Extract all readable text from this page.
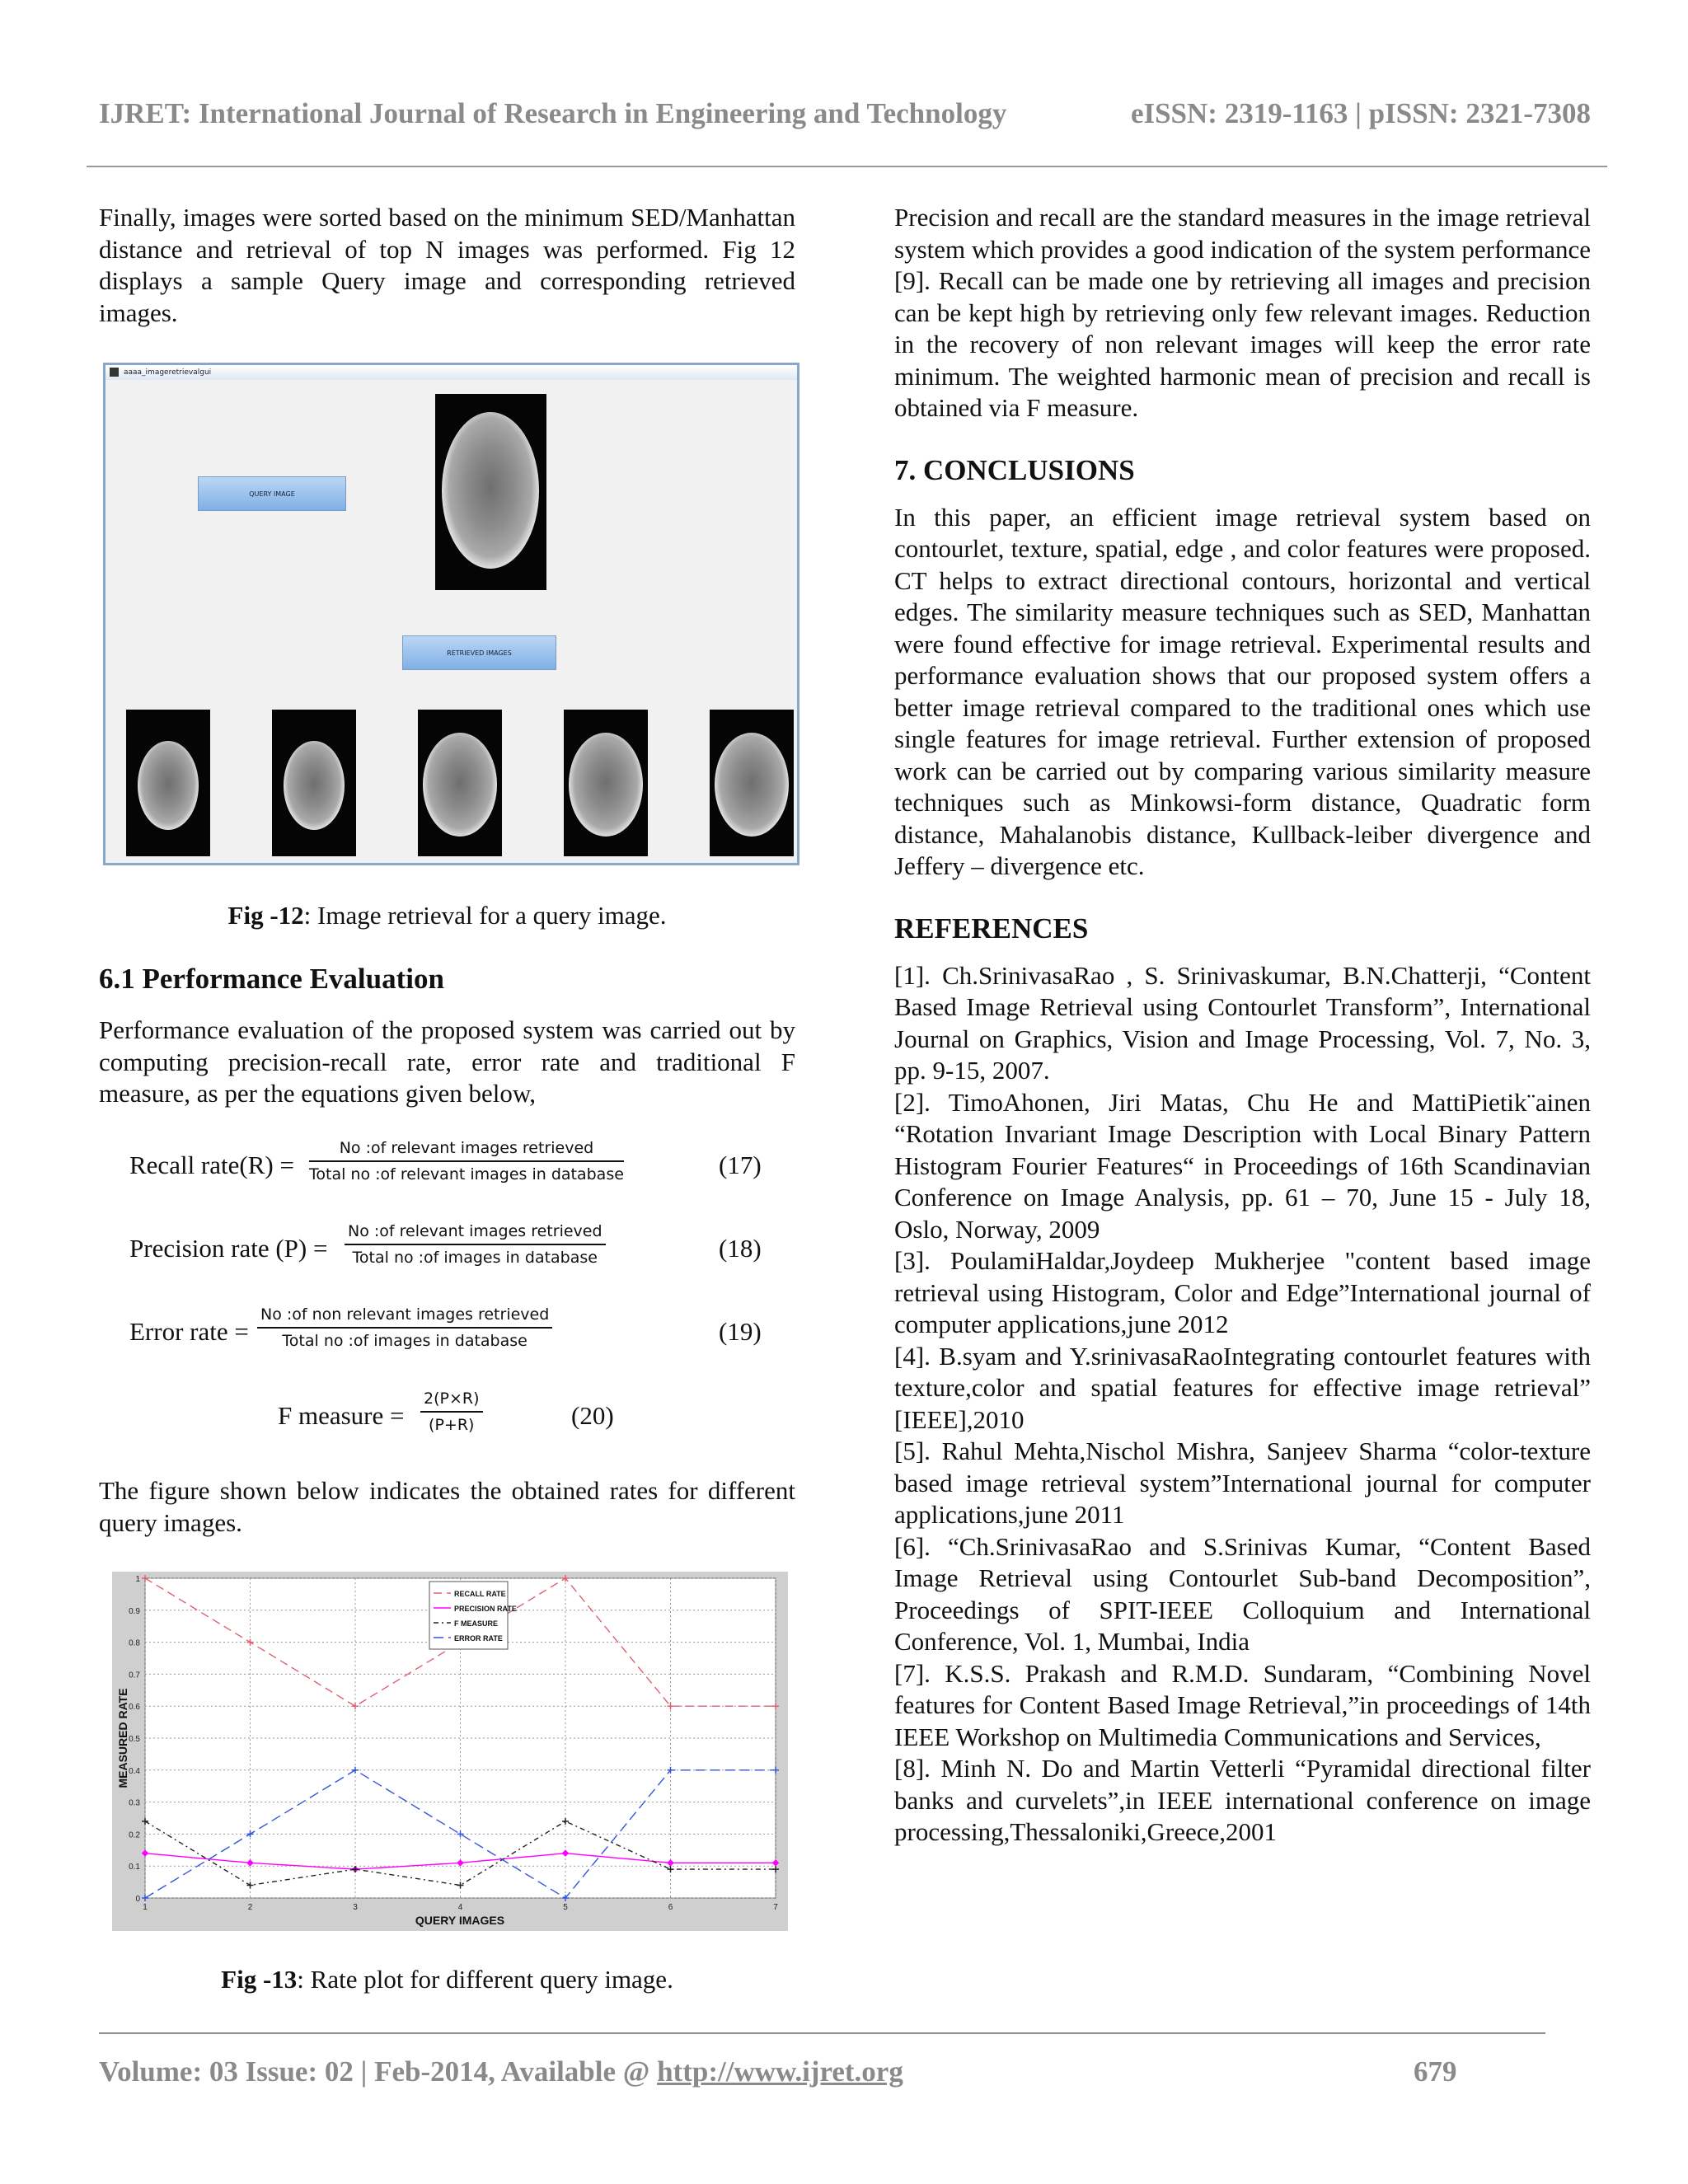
IJRET: International Journal of Research in Engineering and Technology	eISSN: 2319-1163 | pISSN: 2321-7308

Finally, images were sorted based on the minimum SED/Manhattan distance and retrieval of top N images was performed. Fig 12 displays a sample Query image and corresponding retrieved images.

aaaa_imageretrievalgui
QUERY IMAGE
RETRIEVED IMAGES
Fig -12: Image retrieval for a query image.
6.1 Performance Evaluation

Performance evaluation of the proposed system was carried out by computing precision-recall rate, error rate and traditional F measure, as per the equations given below,

Recall rate(R) =
No :of relevant images retrieved
Total no :of relevant images in database	(17)
Precision rate (P) =
No :of relevant images retrieved
Total no :of images in database	(18)
Error rate =
No :of non relevant images retrieved
Total no :of images in database	(19)
F measure = $\frac{2(P\times R)}{(P+R)}$	(20)

The figure shown below indicates the obtained rates for different query images.

0
0.1
0.2
0.3
0.4
0.5
0.6
0.7
0.8
0.9
1
1	2	3	4	5	6	7
RECALL RATE
PRECISION RATE
F MEASURE
ERROR RATE
QUERY IMAGES
MEASURED RATE
Fig -13: Rate plot for different query image.

Precision and recall are the standard measures in the image retrieval system which provides a good indication of the system performance [9]. Recall can be made one by retrieving all images and precision can be kept high by retrieving only few relevant images. Reduction in the recovery of non relevant images will keep the error rate minimum. The weighted harmonic mean of precision and recall is obtained via F measure.

7. CONCLUSIONS

In this paper, an efficient image retrieval system based on contourlet, texture, spatial, edge , and color features were proposed. CT helps to extract directional contours, horizontal and vertical edges. The similarity measure techniques such as SED, Manhattan were found effective for image retrieval. Experimental results and performance evaluation shows that our proposed system offers a better image retrieval compared to the traditional ones which use single features for image retrieval. Further extension of proposed work can be carried out by comparing various similarity measure techniques such as Minkowsi-form distance, Quadratic form distance, Mahalanobis distance, Kullback-leiber divergence and Jeffery – divergence etc.

REFERENCES

[1]. Ch.SrinivasaRao , S. Srinivaskumar, B.N.Chatterji, “Content Based Image Retrieval using Contourlet Transform”, International Journal on Graphics, Vision and Image Processing, Vol. 7, No. 3, pp. 9-15, 2007.

[2]. TimoAhonen, Jiri Matas, Chu He and MattiPietik¨ainen “Rotation Invariant Image Description with Local Binary Pattern Histogram Fourier Features“ in Proceedings of 16th Scandinavian Conference on Image Analysis, pp. 61 – 70, June 15 - July 18, Oslo, Norway, 2009

[3]. PoulamiHaldar,Joydeep Mukherjee "content based image retrieval using Histogram, Color and Edge”International journal of computer applications,june 2012

[4]. B.syam and Y.srinivasaRaoIntegrating contourlet features with texture,color and spatial features for effective image retrieval” [IEEE],2010

[5]. Rahul Mehta,Nischol Mishra, Sanjeev Sharma “color-texture based image retrieval system”International journal for computer applications,june 2011

[6]. “Ch.SrinivasaRao and S.Srinivas Kumar, “Content Based Image Retrieval using Contourlet Sub-band Decomposition”, Proceedings of SPIT-IEEE Colloquium and International Conference, Vol. 1, Mumbai, India

[7]. K.S.S. Prakash and R.M.D. Sundaram, “Combining Novel features for Content Based Image Retrieval,”in proceedings of 14th IEEE Workshop on Multimedia Communications and Services,

[8]. Minh N. Do and Martin Vetterli “Pyramidal directional filter banks and curvelets”,in IEEE international conference on image processing,Thessaloniki,Greece,2001

Volume: 03 Issue: 02 | Feb-2014, Available @ http://www.ijret.org	679
